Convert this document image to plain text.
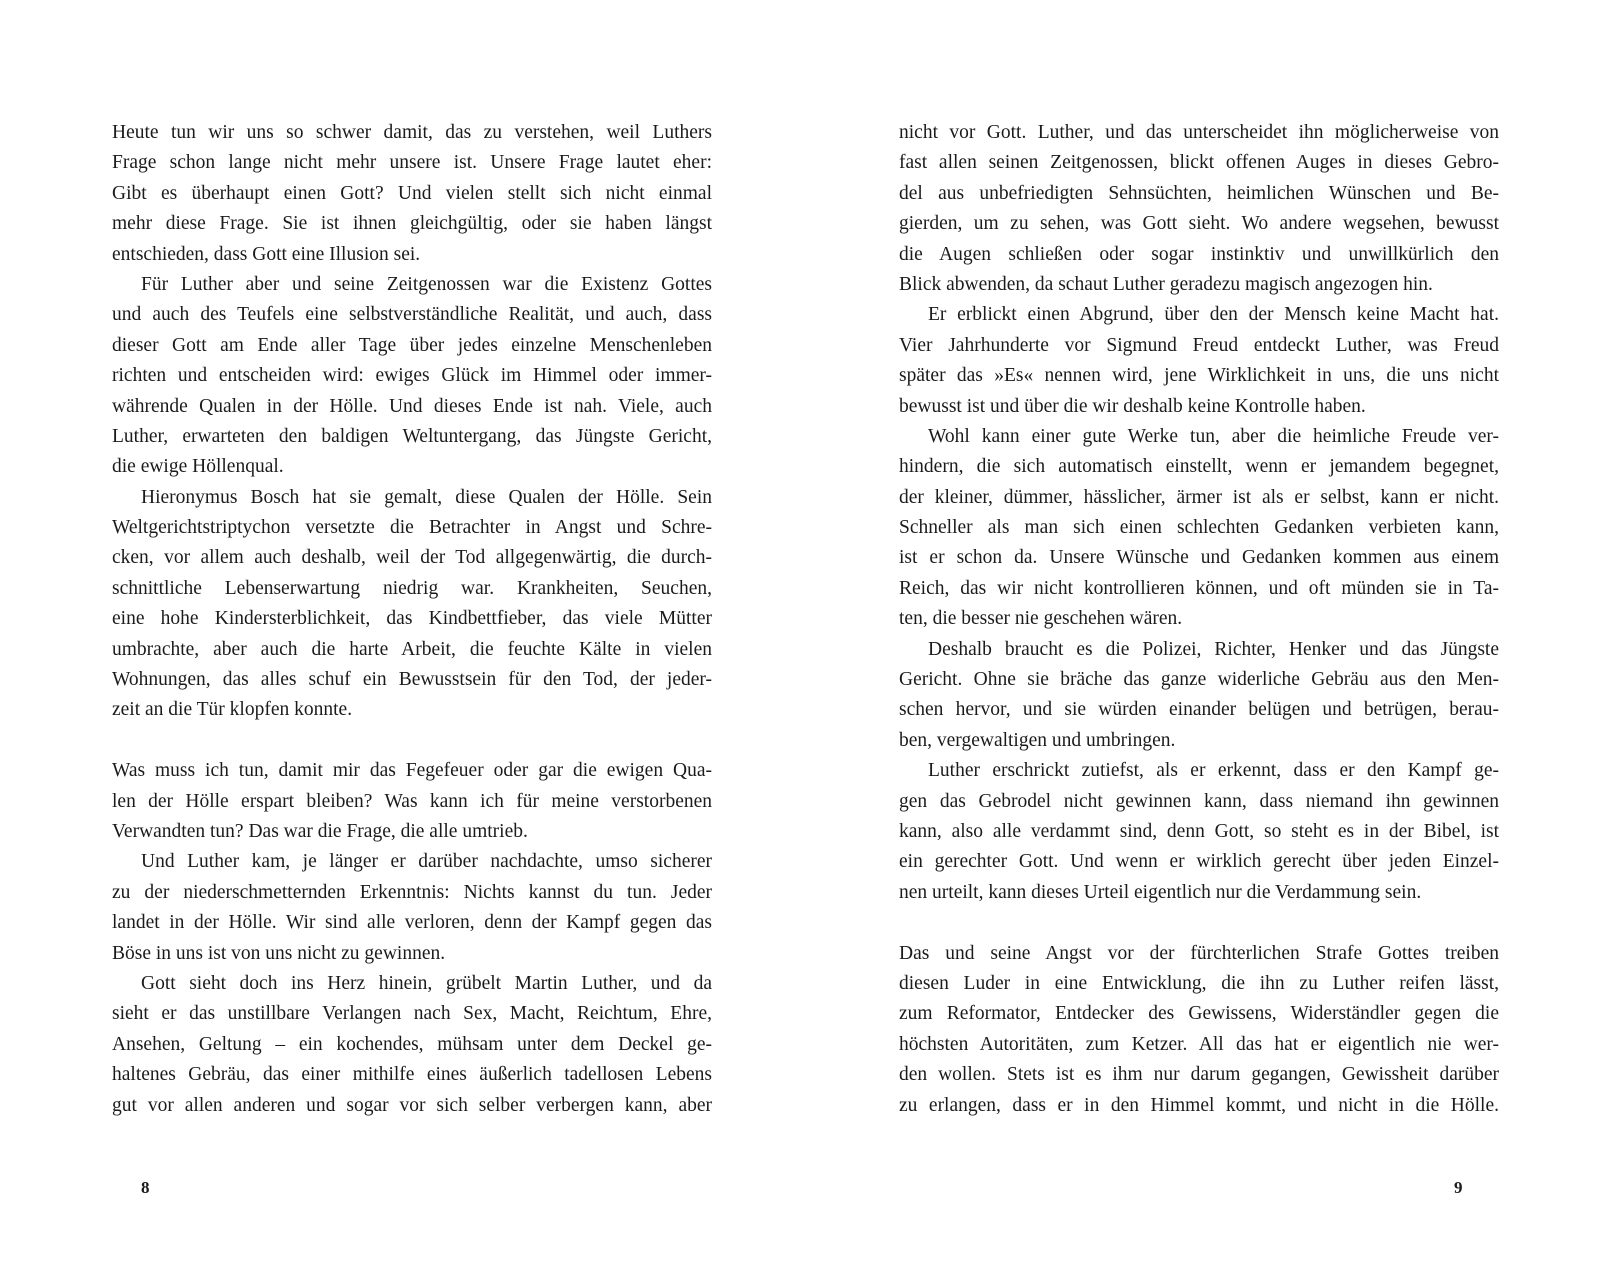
Heute tun wir uns so schwer damit, das zu verstehen, weil Luthers
Frage schon lange nicht mehr unsere ist. Unsere Frage lautet eher:
Gibt es überhaupt einen Gott? Und vielen stellt sich nicht einmal
mehr diese Frage. Sie ist ihnen gleichgültig, oder sie haben längst
entschieden, dass Gott eine Illusion sei.
Für Luther aber und seine Zeitgenossen war die Existenz Gottes
und auch des Teufels eine selbstverständliche Realität, und auch, dass
dieser Gott am Ende aller Tage über jedes einzelne Menschenleben
richten und entscheiden wird: ewiges Glück im Himmel oder immer-
währende Qualen in der Hölle. Und dieses Ende ist nah. Viele, auch
Luther, erwarteten den baldigen Weltuntergang, das Jüngste Gericht,
die ewige Höllenqual.
Hieronymus Bosch hat sie gemalt, diese Qualen der Hölle. Sein
Weltgerichtstriptychon versetzte die Betrachter in Angst und Schre-
cken, vor allem auch deshalb, weil der Tod allgegenwärtig, die durch-
schnittliche Lebenserwartung niedrig war. Krankheiten, Seuchen,
eine hohe Kindersterblichkeit, das Kindbettfieber, das viele Mütter
umbrachte, aber auch die harte Arbeit, die feuchte Kälte in vielen
Wohnungen, das alles schuf ein Bewusstsein für den Tod, der jeder-
zeit an die Tür klopfen konnte.
Was muss ich tun, damit mir das Fegefeuer oder gar die ewigen Qua-
len der Hölle erspart bleiben? Was kann ich für meine verstorbenen
Verwandten tun? Das war die Frage, die alle umtrieb.
Und Luther kam, je länger er darüber nachdachte, umso sicherer
zu der niederschmetternden Erkenntnis: Nichts kannst du tun. Jeder
landet in der Hölle. Wir sind alle verloren, denn der Kampf gegen das
Böse in uns ist von uns nicht zu gewinnen.
Gott sieht doch ins Herz hinein, grübelt Martin Luther, und da
sieht er das unstillbare Verlangen nach Sex, Macht, Reichtum, Ehre,
Ansehen, Geltung – ein kochendes, mühsam unter dem Deckel ge-
haltenes Gebräu, das einer mithilfe eines äußerlich tadellosen Lebens
gut vor allen anderen und sogar vor sich selber verbergen kann, aber
8
nicht vor Gott. Luther, und das unterscheidet ihn möglicherweise von
fast allen seinen Zeitgenossen, blickt offenen Auges in dieses Gebro-
del aus unbefriedigten Sehnsüchten, heimlichen Wünschen und Be-
gierden, um zu sehen, was Gott sieht. Wo andere wegsehen, bewusst
die Augen schließen oder sogar instinktiv und unwillkürlich den
Blick abwenden, da schaut Luther geradezu magisch angezogen hin.
Er erblickt einen Abgrund, über den der Mensch keine Macht hat.
Vier Jahrhunderte vor Sigmund Freud entdeckt Luther, was Freud
später das »Es« nennen wird, jene Wirklichkeit in uns, die uns nicht
bewusst ist und über die wir deshalb keine Kontrolle haben.
Wohl kann einer gute Werke tun, aber die heimliche Freude ver-
hindern, die sich automatisch einstellt, wenn er jemandem begegnet,
der kleiner, dümmer, hässlicher, ärmer ist als er selbst, kann er nicht.
Schneller als man sich einen schlechten Gedanken verbieten kann,
ist er schon da. Unsere Wünsche und Gedanken kommen aus einem
Reich, das wir nicht kontrollieren können, und oft münden sie in Ta-
ten, die besser nie geschehen wären.
Deshalb braucht es die Polizei, Richter, Henker und das Jüngste
Gericht. Ohne sie bräche das ganze widerliche Gebräu aus den Men-
schen hervor, und sie würden einander belügen und betrügen, berau-
ben, vergewaltigen und umbringen.
Luther erschrickt zutiefst, als er erkennt, dass er den Kampf ge-
gen das Gebrodel nicht gewinnen kann, dass niemand ihn gewinnen
kann, also alle verdammt sind, denn Gott, so steht es in der Bibel, ist
ein gerechter Gott. Und wenn er wirklich gerecht über jeden Einzel-
nen urteilt, kann dieses Urteil eigentlich nur die Verdammung sein.
Das und seine Angst vor der fürchterlichen Strafe Gottes treiben
diesen Luder in eine Entwicklung, die ihn zu Luther reifen lässt,
zum Reformator, Entdecker des Gewissens, Widerständler gegen die
höchsten Autoritäten, zum Ketzer. All das hat er eigentlich nie wer-
den wollen. Stets ist es ihm nur darum gegangen, Gewissheit darüber
zu erlangen, dass er in den Himmel kommt, und nicht in die Hölle.
9
